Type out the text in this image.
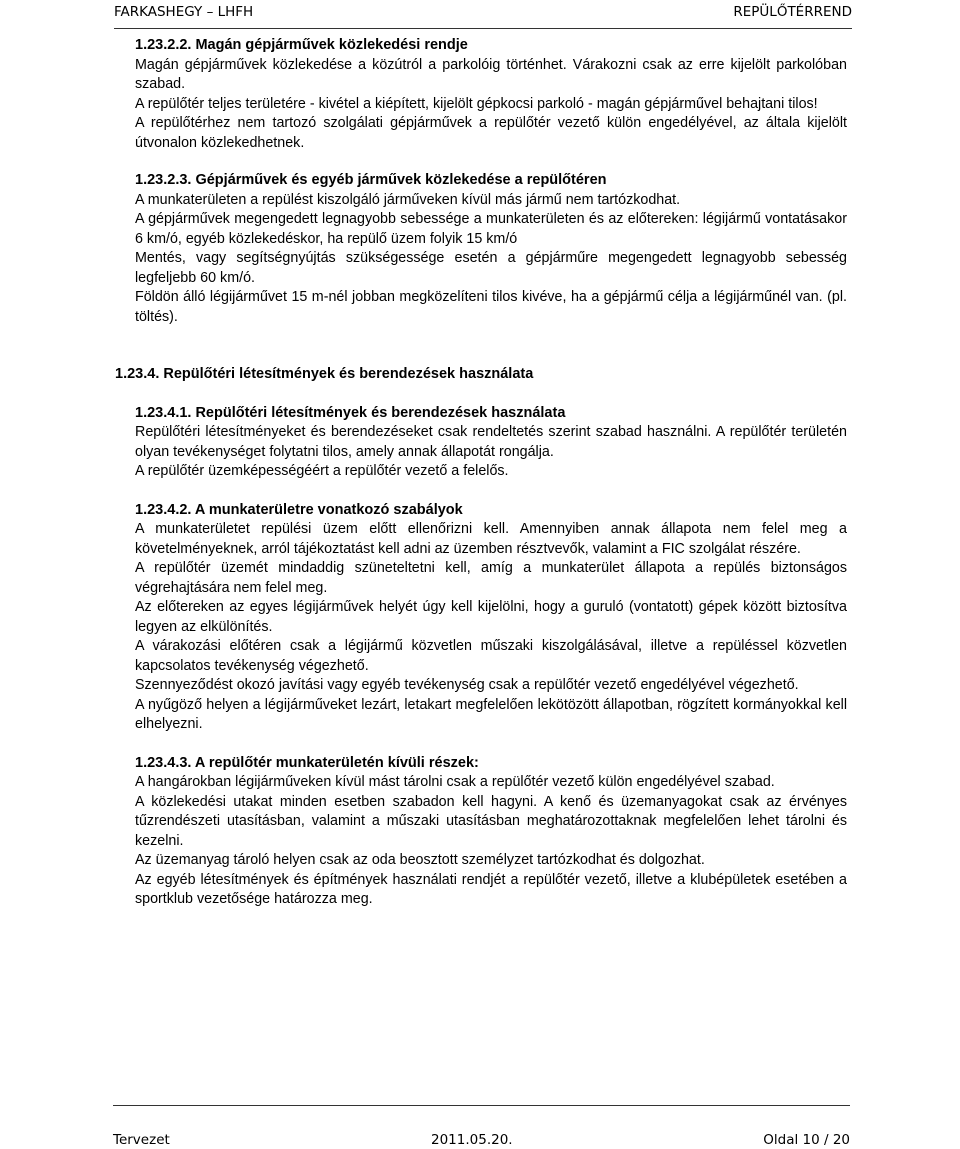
FARKASHEGY – LHFH	REPÜLŐTÉRREND
1.23.2.2. Magán gépjárművek közlekedési rendje

Magán gépjárművek közlekedése a közútról a parkolóig történhet. Várakozni csak az erre kijelölt parkolóban szabad.

A repülőtér teljes területére - kivétel a kiépített, kijelölt gépkocsi parkoló - magán gépjárművel behajtani tilos!

A repülőtérhez nem tartozó szolgálati gépjárművek a repülőtér vezető külön engedélyével, az általa kijelölt útvonalon közlekedhetnek.

1.23.2.3. Gépjárművek és egyéb járművek közlekedése a repülőtéren

A munkaterületen a repülést kiszolgáló járműveken kívül más jármű nem tartózkodhat.

A gépjárművek megengedett legnagyobb sebessége a munkaterületen és az előtereken: légijármű vontatásakor 6 km/ó, egyéb közlekedéskor, ha repülő üzem folyik 15 km/ó

Mentés, vagy segítségnyújtás szükségessége esetén a gépjárműre megengedett legnagyobb sebesség legfeljebb 60 km/ó.

Földön álló légijárművet 15 m-nél jobban megközelíteni tilos kivéve, ha a gépjármű célja a légijárműnél van. (pl. töltés).

1.23.4. Repülőtéri létesítmények és berendezések használata
1.23.4.1. Repülőtéri létesítmények és berendezések használata

Repülőtéri létesítményeket és berendezéseket csak rendeltetés szerint szabad használni. A repülőtér területén olyan tevékenységet folytatni tilos, amely annak állapotát rongálja.

A repülőtér üzemképességéért a repülőtér vezető a felelős.

1.23.4.2. A munkaterületre vonatkozó szabályok

A munkaterületet repülési üzem előtt ellenőrizni kell. Amennyiben annak állapota nem felel meg a követelményeknek, arról tájékoztatást kell adni az üzemben résztvevők, valamint a FIC szolgálat részére.

A repülőtér üzemét mindaddig szüneteltetni kell, amíg a munkaterület állapota a repülés biztonságos végrehajtására nem felel meg.

Az előtereken az egyes légijárművek helyét úgy kell kijelölni, hogy a guruló (vontatott) gépek között biztosítva legyen az elkülönítés.

A várakozási előtéren csak a légijármű közvetlen műszaki kiszolgálásával, illetve a repüléssel közvetlen kapcsolatos tevékenység végezhető.

Szennyeződést okozó javítási vagy egyéb tevékenység csak a repülőtér vezető engedélyével végezhető.

A nyűgöző helyen a légijárműveket lezárt, letakart megfelelően lekötözött állapotban, rögzített kormányokkal kell elhelyezni.

1.23.4.3. A repülőtér munkaterületén kívüli részek:

A hangárokban légijárműveken kívül mást tárolni csak a repülőtér vezető külön engedélyével szabad.

A közlekedési utakat minden esetben szabadon kell hagyni. A kenő és üzemanyagokat csak az érvényes tűzrendészeti utasításban, valamint a műszaki utasításban meghatározottaknak megfelelően lehet tárolni és kezelni.

Az üzemanyag tároló helyen csak az oda beosztott személyzet tartózkodhat és dolgozhat.

Az egyéb létesítmények és építmények használati rendjét a repülőtér vezető, illetve a klubépületek esetében a sportklub vezetősége határozza meg.

Tervezet	2011.05.20.	Oldal 10 / 20
